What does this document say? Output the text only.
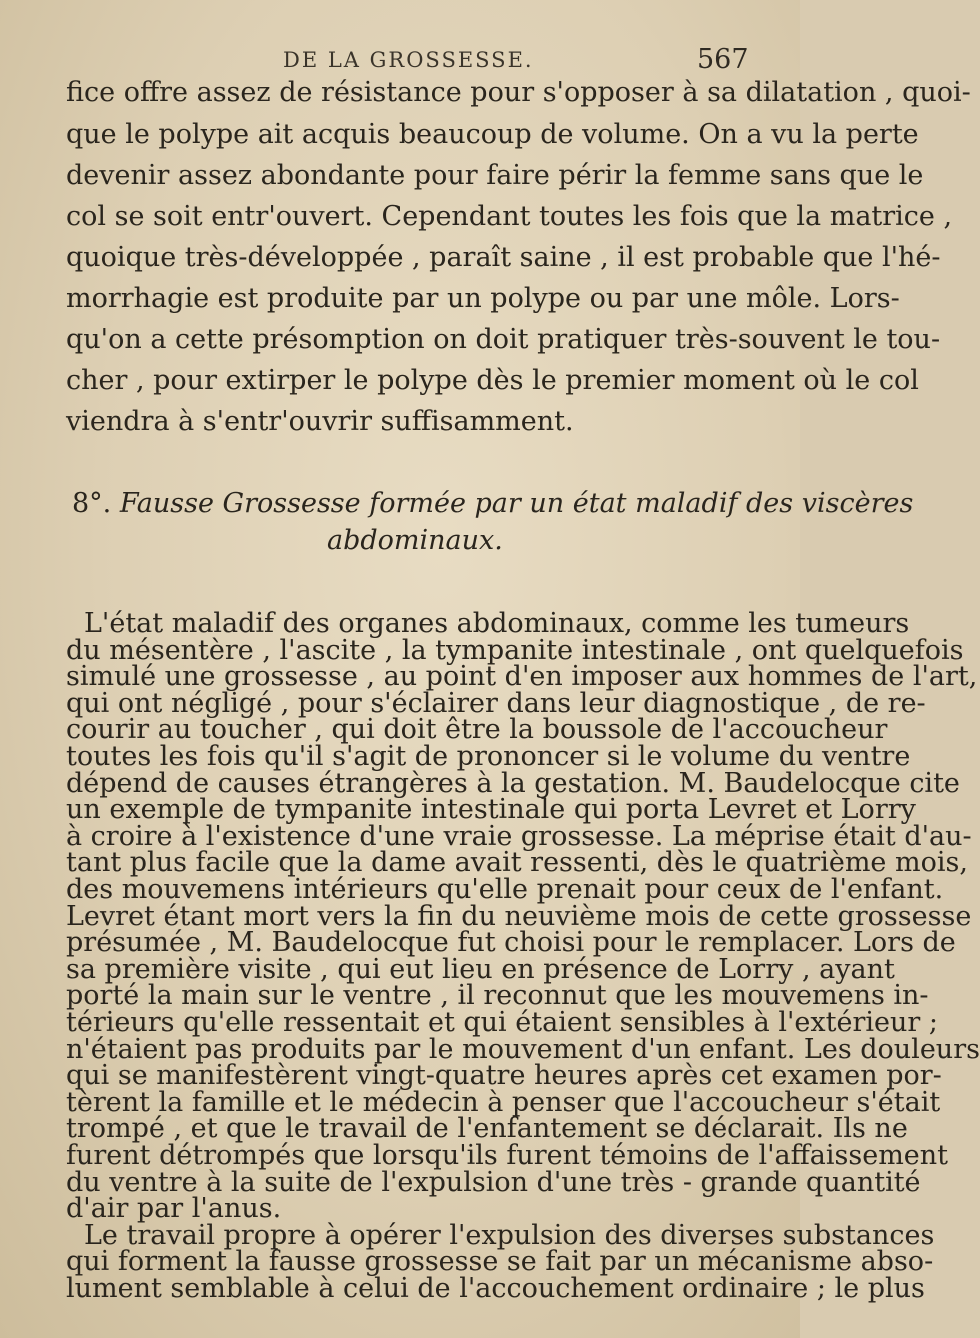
DE LA GROSSESSE.	567
fice offre assez de résistance pour s'opposer à sa dilatation , quoi-
que le polype ait acquis beaucoup de volume. On a vu la perte
devenir assez abondante pour faire périr la femme sans que le
col se soit entr'ouvert. Cependant toutes les fois que la matrice ,
quoique très-développée , paraît saine , il est probable que l'hé-
morrhagie est produite par un polype ou par une môle. Lors-
qu'on a cette présomption on doit pratiquer très-souvent le tou-
cher , pour extirper le polype dès le premier moment où le col
viendra à s'entr'ouvrir suffisamment.
8°. Fausse Grossesse formée par un état maladif des viscères
abdominaux.
L'état maladif des organes abdominaux, comme les tumeurs
du mésentère , l'ascite , la tympanite intestinale , ont quelquefois
simulé une grossesse , au point d'en imposer aux hommes de l'art,
qui ont négligé , pour s'éclairer dans leur diagnostique , de re-
courir au toucher , qui doit être la boussole de l'accoucheur
toutes les fois qu'il s'agit de prononcer si le volume du ventre
dépend de causes étrangères à la gestation. M. Baudelocque cite
un exemple de tympanite intestinale qui porta Levret et Lorry
à croire à l'existence d'une vraie grossesse. La méprise était d'au-
tant plus facile que la dame avait ressenti, dès le quatrième mois,
des mouvemens intérieurs qu'elle prenait pour ceux de l'enfant.
Levret étant mort vers la fin du neuvième mois de cette grossesse
présumée , M. Baudelocque fut choisi pour le remplacer. Lors de
sa première visite , qui eut lieu en présence de Lorry , ayant
porté la main sur le ventre , il reconnut que les mouvemens in-
térieurs qu'elle ressentait et qui étaient sensibles à l'extérieur ;
n'étaient pas produits par le mouvement d'un enfant. Les douleurs
qui se manifestèrent vingt-quatre heures après cet examen por-
tèrent la famille et le médecin à penser que l'accoucheur s'était
trompé , et que le travail de l'enfantement se déclarait. Ils ne
furent détrompés que lorsqu'ils furent témoins de l'affaissement
du ventre à la suite de l'expulsion d'une très - grande quantité
d'air par l'anus.
Le travail propre à opérer l'expulsion des diverses substances
qui forment la fausse grossesse se fait par un mécanisme abso-
lument semblable à celui de l'accouchement ordinaire ; le plus
